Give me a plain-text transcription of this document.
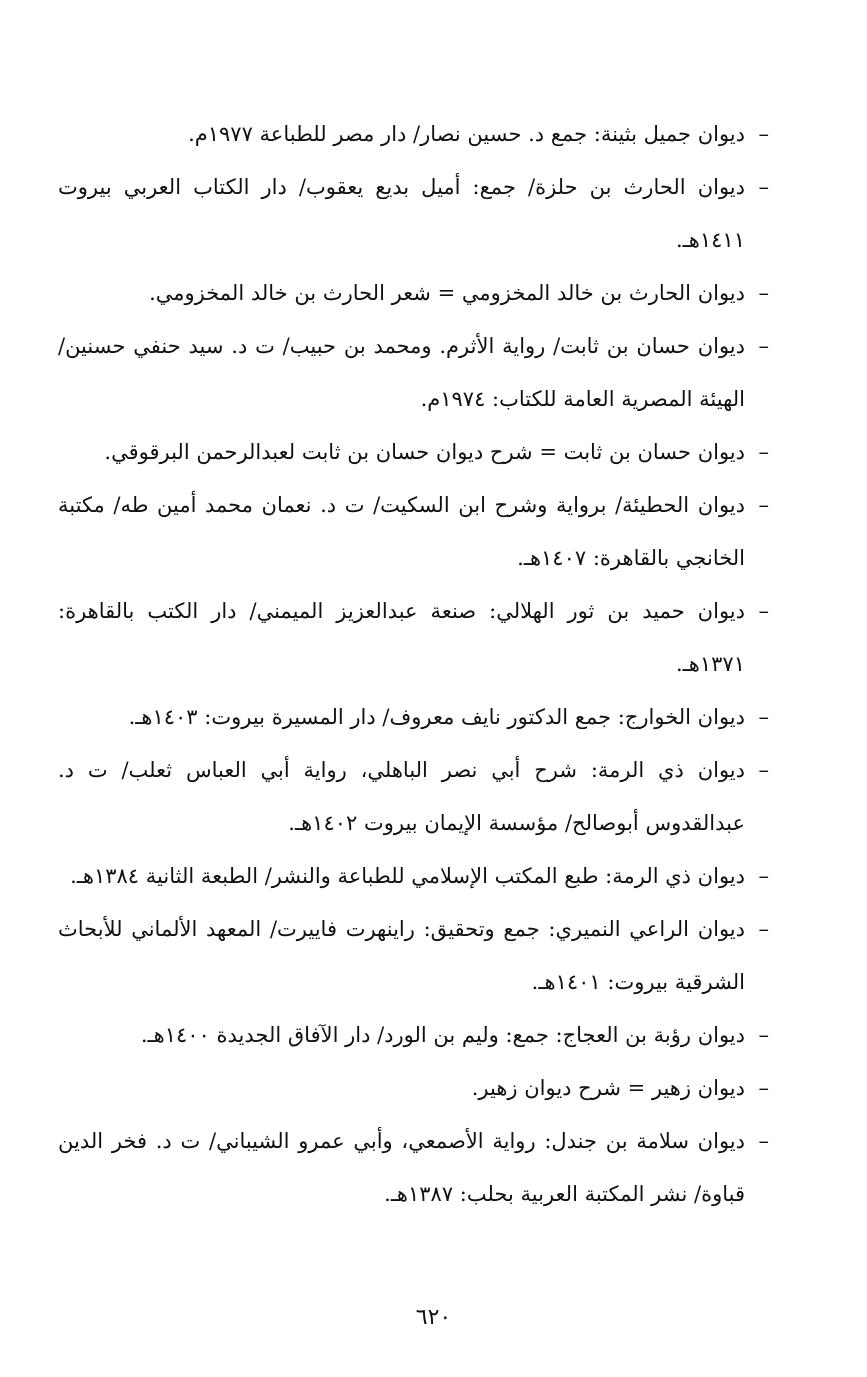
– ديوان جميل بثينة: جمع د. حسين نصار/ دار مصر للطباعة ١٩٧٧م.

– ديوان الحارث بن حلزة/ جمع: أميل بديع يعقوب/ دار الكتاب العربي بيروت ١٤١١هـ.

– ديوان الحارث بن خالد المخزومي = شعر الحارث بن خالد المخزومي.

– ديوان حسان بن ثابت/ رواية الأثرم. ومحمد بن حبيب/ ت د. سيد حنفي حسنين/ الهيئة المصرية العامة للكتاب: ١٩٧٤م.

– ديوان حسان بن ثابت = شرح ديوان حسان بن ثابت لعبدالرحمن البرقوقي.

– ديوان الحطيئة/ برواية وشرح ابن السكيت/ ت د. نعمان محمد أمين طه/ مكتبة الخانجي بالقاهرة: ١٤٠٧هـ.

– ديوان حميد بن ثور الهلالي: صنعة عبدالعزيز الميمني/ دار الكتب بالقاهرة: ١٣٧١هـ.

– ديوان الخوارج: جمع الدكتور نايف معروف/ دار المسيرة بيروت: ١٤٠٣هـ.

– ديوان ذي الرمة: شرح أبي نصر الباهلي، رواية أبي العباس ثعلب/ ت د. عبدالقدوس أبوصالح/ مؤسسة الإيمان بيروت ١٤٠٢هـ.

– ديوان ذي الرمة: طبع المكتب الإسلامي للطباعة والنشر/ الطبعة الثانية ١٣٨٤هـ.

– ديوان الراعي النميري: جمع وتحقيق: راينهرت فاييرت/ المعهد الألماني للأبحاث الشرقية بيروت: ١٤٠١هـ.

– ديوان رؤبة بن العجاج: جمع: وليم بن الورد/ دار الآفاق الجديدة ١٤٠٠هـ.

– ديوان زهير = شرح ديوان زهير.

– ديوان سلامة بن جندل: رواية الأصمعي، وأبي عمرو الشيباني/ ت د. فخر الدين قباوة/ نشر المكتبة العربية بحلب: ١٣٨٧هـ.

٦٢٠
